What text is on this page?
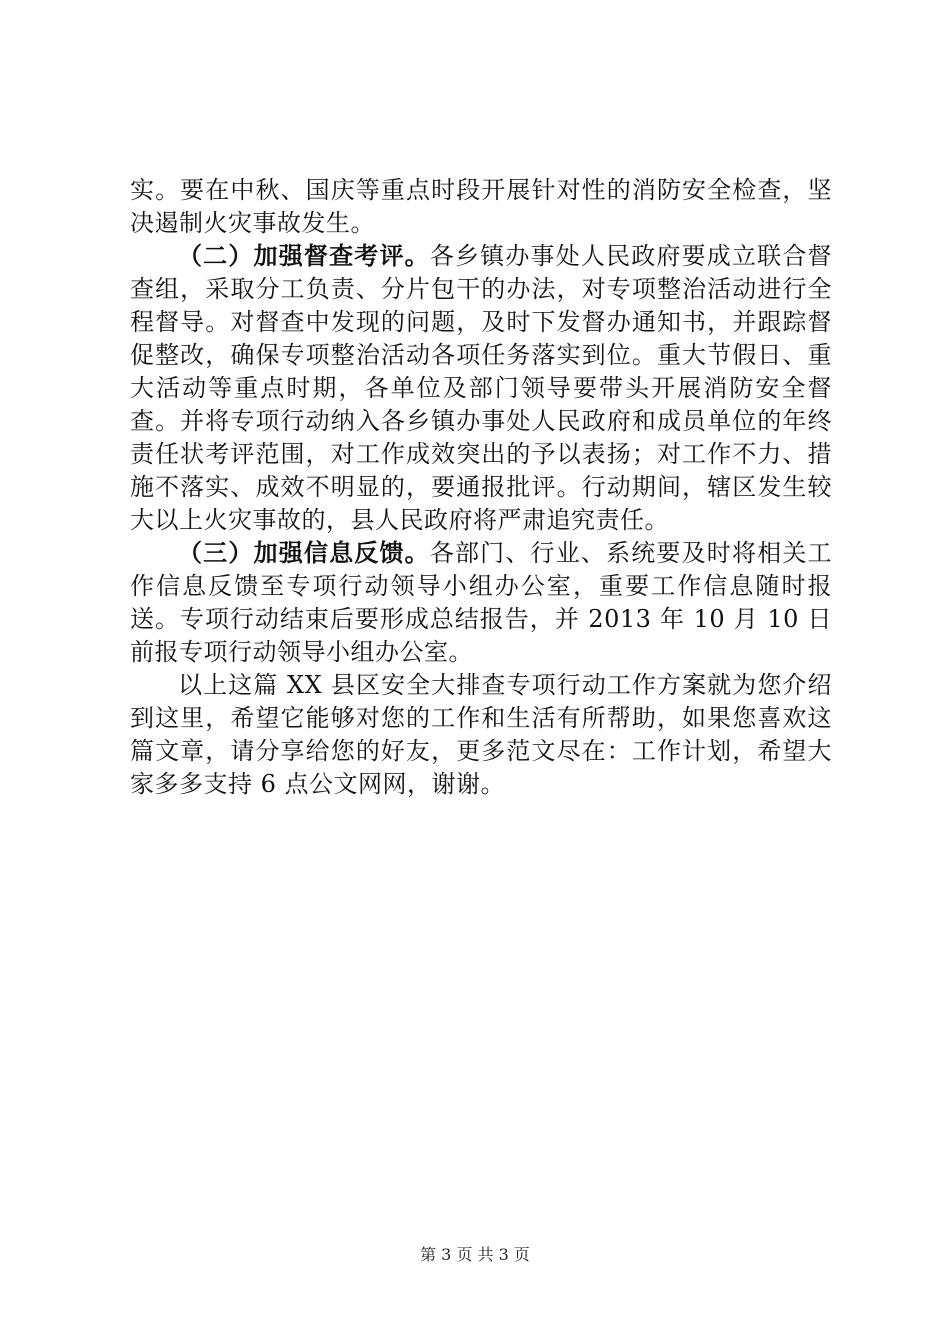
实。要在中秋、国庆等重点时段开展针对性的消防安全检查，坚决遏制火灾事故发生。

（二）加强督查考评。各乡镇办事处人民政府要成立联合督查组，采取分工负责、分片包干的办法，对专项整治活动进行全程督导。对督查中发现的问题，及时下发督办通知书，并跟踪督促整改，确保专项整治活动各项任务落实到位。重大节假日、重大活动等重点时期，各单位及部门领导要带头开展消防安全督查。并将专项行动纳入各乡镇办事处人民政府和成员单位的年终责任状考评范围，对工作成效突出的予以表扬；对工作不力、措施不落实、成效不明显的，要通报批评。行动期间，辖区发生较大以上火灾事故的，县人民政府将严肃追究责任。

（三）加强信息反馈。各部门、行业、系统要及时将相关工作信息反馈至专项行动领导小组办公室，重要工作信息随时报送。专项行动结束后要形成总结报告，并 2013 年 10 月 10 日前报专项行动领导小组办公室。

以上这篇 XX 县区安全大排查专项行动工作方案就为您介绍到这里，希望它能够对您的工作和生活有所帮助，如果您喜欢这篇文章，请分享给您的好友，更多范文尽在：工作计划，希望大家多多支持 6 点公文网网，谢谢。

第 3 页 共 3 页
